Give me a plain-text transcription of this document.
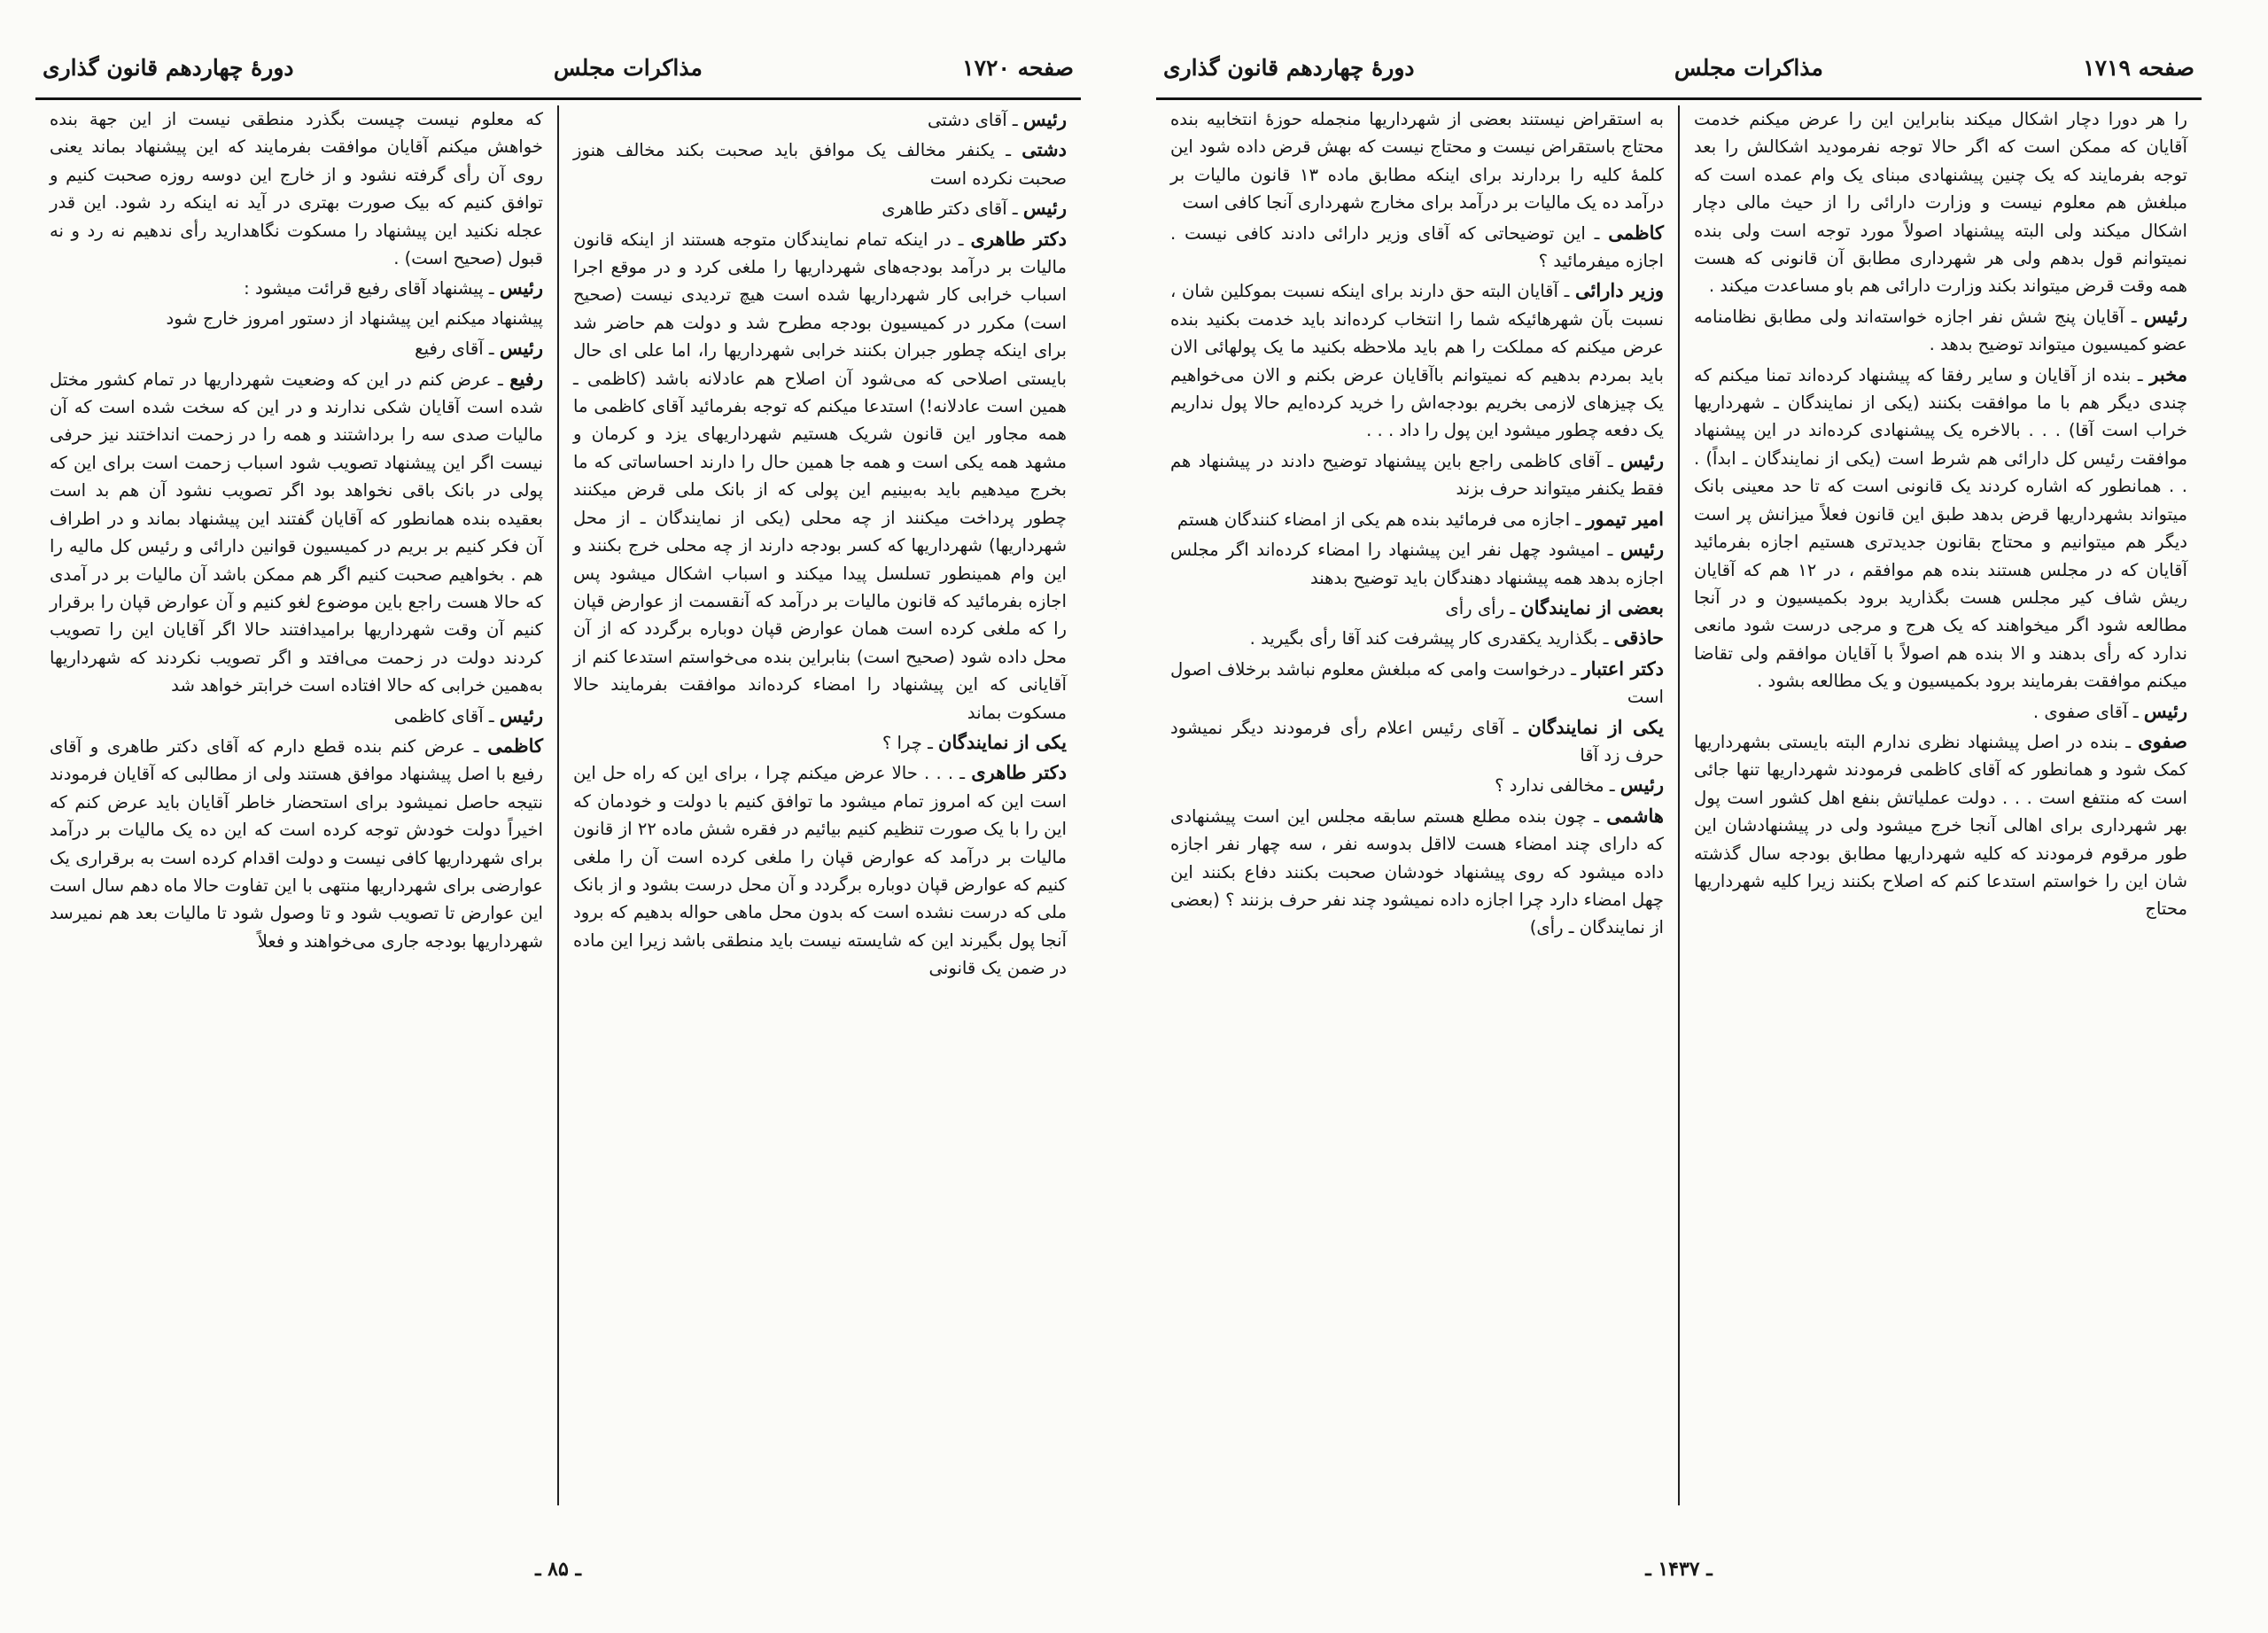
دورهٔ چهاردهم قانون گذاری	مذاکرات مجلس	صفحه ۱۷۱۹

را هر دورا دچار اشکال میکند بنابراین این را عرض میکنم خدمت آقایان که ممکن است که اگر حالا توجه نفرمودید اشکالش را بعد توجه بفرمایند که یک چنین پیشنهادی مبنای یک وام عمده است که مبلغش هم معلوم نیست و وزارت دارائی را از حیث مالی دچار اشکال میکند ولی البته پیشنهاد اصولاً مورد توجه است ولی بنده نمیتوانم قول بدهم ولی هر شهرداری مطابق آن قانونی که هست همه وقت قرض میتواند بکند وزارت دارائی هم باو مساعدت میکند .

رئیس ـ آقایان پنج شش نفر اجازه خواسته‌اند ولی مطابق نظامنامه عضو کمیسیون میتواند توضیح بدهد .

مخبر ـ بنده از آقایان و سایر رفقا که پیشنهاد کرده‌اند تمنا میکنم که چندی دیگر هم با ما موافقت بکنند (یکی از نمایندگان ـ شهرداریها خراب است آقا) . . . بالاخره یک پیشنهادی کرده‌اند در این پیشنهاد موافقت رئیس کل دارائی هم شرط است (یکی از نمایندگان ـ ابداً) . . . همانطور که اشاره کردند یک قانونی است که تا حد معینی بانک میتواند بشهرداریها قرض بدهد طبق این قانون فعلاً میزانش پر است دیگر هم میتوانیم و محتاج بقانون جدیدتری هستیم اجازه بفرمائید آقایان که در مجلس هستند بنده هم موافقم ، در ۱۲ هم که آقایان ریش شاف کیر مجلس هست بگذارید برود بکمیسیون و در آنجا مطالعه شود اگر میخواهند که یک هرج و مرجی درست شود مانعی ندارد که رأی بدهند و الا بنده هم اصولاً با آقایان موافقم ولی تقاضا میکنم موافقت بفرمایند برود بکمیسیون و یک مطالعه بشود .

رئیس ـ آقای صفوی .

صفوی ـ بنده در اصل پیشنهاد نظری ندارم البته بایستی بشهرداریها کمک شود و همانطور که آقای کاظمی فرمودند شهرداریها تنها جائی است که منتفع است . . . دولت عملیاتش بنفع اهل کشور است پول بهر شهرداری برای اهالی آنجا خرج میشود ولی در پیشنهادشان این طور مرقوم فرمودند که کلیه شهرداریها مطابق بودجه سال گذشته شان این را خواستم استدعا کنم که اصلاح بکنند زیرا کلیه شهرداریها محتاج

به استقراض نیستند بعضی از شهرداریها منجمله حوزهٔ انتخابیه بنده محتاج باستقراض نیست و محتاج نیست که بهش قرض داده شود این کلمهٔ کلیه را بردارند برای اینکه مطابق ماده ۱۳ قانون مالیات بر درآمد ده یک مالیات بر درآمد برای مخارج شهرداری آنجا کافی است

کاظمی ـ این توضیحاتی که آقای وزیر دارائی دادند کافی نیست . اجازه میفرمائید ؟

وزیر دارائی ـ آقایان البته حق دارند برای اینکه نسبت بموکلین شان ، نسبت بآن شهرهائیکه شما را انتخاب کرده‌اند باید خدمت بکنید بنده عرض میکنم که مملکت را هم باید ملاحظه بکنید ما یک پولهائی الان باید بمردم بدهیم که نمیتوانم باآقایان عرض بکنم و الان می‌خواهیم یک چیزهای لازمی بخریم بودجه‌اش را خرید کرده‌ایم حالا پول نداریم یک دفعه چطور میشود این پول را داد . . .

رئیس ـ آقای کاظمی راجع باین پیشنهاد توضیح دادند در پیشنهاد هم فقط یکنفر میتواند حرف بزند

امیر تیمور ـ اجازه می فرمائید بنده هم یکی از امضاء کنندگان هستم

رئیس ـ امیشود چهل نفر این پیشنهاد را امضاء کرده‌اند اگر مجلس اجازه بدهد همه پیشنهاد دهندگان باید توضیح بدهند

بعضی از نمایندگان ـ رأی رأی

حاذقی ـ بگذارید یکقدری کار پیشرفت کند آقا رأی بگیرید .

دکتر اعتبار ـ درخواست وامی که مبلغش معلوم نباشد برخلاف اصول است

یکی از نمایندگان ـ آقای رئیس اعلام رأی فرمودند دیگر نمیشود حرف زد آقا

رئیس ـ مخالفی ندارد ؟

هاشمی ـ چون بنده مطلع هستم سابقه مجلس این است پیشنهادی که دارای چند امضاء هست لااقل بدوسه نفر ، سه چهار نفر اجازه داده میشود که روی پیشنهاد خودشان صحبت بکنند دفاع بکنند این چهل امضاء دارد چرا اجازه داده نمیشود چند نفر حرف بزنند ؟ (بعضی از نمایندگان ـ رأی)

ـ ۱۴۳۷ ـ
دورهٔ چهاردهم قانون گذاری	مذاکرات مجلس	صفحه ۱۷۲۰

رئیس ـ آقای دشتی

دشتی ـ یکنفر مخالف یک موافق باید صحبت بکند مخالف هنوز صحبت نکرده است

رئیس ـ آقای دکتر طاهری

دکتر طاهری ـ در اینکه تمام نمایندگان متوجه هستند از اینکه قانون مالیات بر درآمد بودجه‌های شهرداریها را ملغی کرد و در موقع اجرا اسباب خرابی کار شهرداریها شده است هیچ تردیدی نیست (صحیح است) مکرر در کمیسیون بودجه مطرح شد و دولت هم حاضر شد برای اینکه چطور جبران بکنند خرابی شهرداریها را، اما علی ای حال بایستی اصلاحی که می‌شود آن اصلاح هم عادلانه باشد (کاظمی ـ همین است عادلانه!) استدعا میکنم که توجه بفرمائید آقای کاظمی ما همه مجاور این قانون شریک هستیم شهرداریهای یزد و کرمان و مشهد همه یکی است و همه جا همین حال را دارند احساساتی که ما بخرج میدهیم باید به‌بینیم این پولی که از بانک ملی قرض میکنند چطور پرداخت میکنند از چه محلی (یکی از نمایندگان ـ از محل شهرداریها) شهرداریها که کسر بودجه دارند از چه محلی خرج بکنند و این وام همینطور تسلسل پیدا میکند و اسباب اشکال میشود پس اجازه بفرمائید که قانون مالیات بر درآمد که آنقسمت از عوارض قپان را که ملغی کرده است همان عوارض قپان دوباره برگردد که از آن محل داده شود (صحیح است) بنابراین بنده می‌خواستم استدعا کنم از آقایانی که این پیشنهاد را امضاء کرده‌اند موافقت بفرمایند حالا مسکوت بماند

یکی از نمایندگان ـ چرا ؟

دکتر طاهری ـ . . . حالا عرض میکنم چرا ، برای این که راه حل این است این که امروز تمام میشود ما توافق کنیم با دولت و خودمان که این را با یک صورت تنظیم کنیم بیائیم در فقره شش ماده ۲۲ از قانون مالیات بر درآمد که عوارض قپان را ملغی کرده است آن را ملغی کنیم که عوارض قپان دوباره برگردد و آن محل درست بشود و از بانک ملی که درست نشده است که بدون محل ماهی حواله بدهیم که برود آنجا پول بگیرند این که شایسته نیست باید منطقی باشد زیرا این ماده در ضمن یک قانونی

که معلوم نیست چیست بگذرد منطقی نیست از این جهة بنده خواهش میکنم آقایان موافقت بفرمایند که این پیشنهاد بماند یعنی روی آن رأی گرفته نشود و از خارج این دوسه روزه صحبت کنیم و توافق کنیم که بیک صورت بهتری در آید نه اینکه رد شود. این قدر عجله نکنید این پیشنهاد را مسکوت نگاهدارید رأی ندهیم نه رد و نه قبول (صحیح است) .

رئیس ـ پیشنهاد آقای رفیع قرائت میشود :

پیشنهاد میکنم این پیشنهاد از دستور امروز خارج شود

رئیس ـ آقای رفیع

رفیع ـ عرض کنم در این که وضعیت شهرداریها در تمام کشور مختل شده است آقایان شکی ندارند و در این که سخت شده است که آن مالیات صدی سه را برداشتند و همه را در زحمت انداختند نیز حرفی نیست اگر این پیشنهاد تصویب شود اسباب زحمت است برای این که پولی در بانک باقی نخواهد بود اگر تصویب نشود آن هم بد است بعقیده بنده همانطور که آقایان گفتند این پیشنهاد بماند و در اطراف آن فکر کنیم بر بریم در کمیسیون قوانین دارائی و رئیس کل مالیه را هم . بخواهیم صحبت کنیم اگر هم ممکن باشد آن مالیات بر در آمدی که حالا هست راجع باین موضوع لغو کنیم و آن عوارض قپان را برقرار کنیم آن وقت شهرداریها برامیدافتند حالا اگر آقایان این را تصویب کردند دولت در زحمت می‌افتد و اگر تصویب نکردند که شهرداریها به‌همین خرابی که حالا افتاده است خرابتر خواهد شد

رئیس ـ آقای کاظمی

کاظمی ـ عرض کنم بنده قطع دارم که آقای دکتر طاهری و آقای رفیع با اصل پیشنهاد موافق هستند ولی از مطالبی که آقایان فرمودند نتیجه حاصل نمیشود برای استحضار خاطر آقایان باید عرض کنم که اخیراً دولت خودش توجه کرده است که این ده یک مالیات بر درآمد برای شهرداریها کافی نیست و دولت اقدام کرده است به برقراری یک عوارضی برای شهرداریها منتهی با این تفاوت حالا ماه دهم سال است این عوارض تا تصویب شود و تا وصول شود تا مالیات بعد هم نمیرسد شهرداریها بودجه جاری می‌خواهند و فعلاً

ـ ۸۵ ـ
